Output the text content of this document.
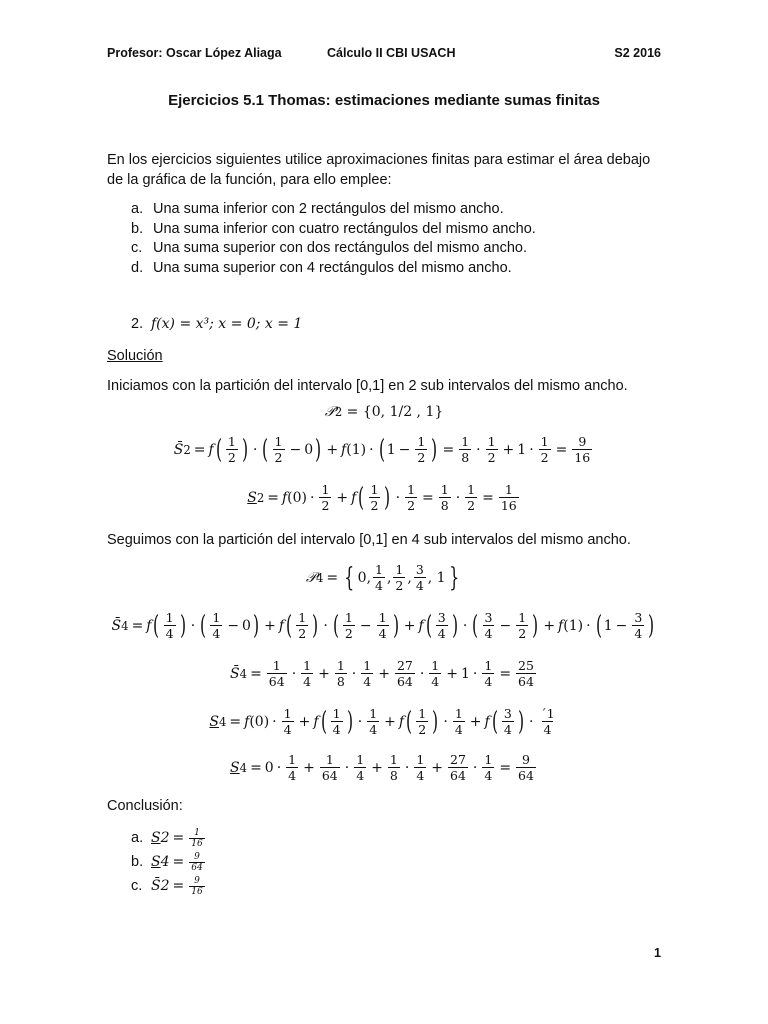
Profesor: Oscar López Aliaga	Cálculo II CBI USACH	S2 2016
Ejercicios 5.1 Thomas: estimaciones mediante sumas finitas
En los ejercicios siguientes utilice aproximaciones finitas para estimar el área debajo de la gráfica de la función, para ello emplee:
a. Una suma inferior con 2 rectángulos del mismo ancho.
b. Una suma inferior con cuatro rectángulos del mismo ancho.
c. Una suma superior con dos rectángulos del mismo ancho.
d. Una suma superior con 4 rectángulos del mismo ancho.
2. f(x) = x³; x = 0; x = 1
Solución
Iniciamos con la partición del intervalo [0,1] en 2 sub intervalos del mismo ancho.
𝒫 2 = {0, 1/2 , 1}
S̄ 2 = f ( $\frac{1}{2}$ ) · ( $\frac{1}{2} - 0$ ) + f (1) · ( $1 - \frac{1}{2}$ ) = $\frac{1}{8} \cdot \frac{1}{2} + 1 \cdot \frac{1}{2} = \frac{9}{16}$
S 2 = f $(0) \cdot \frac{1}{2} + f$ ( $\frac{1}{2}$ ) · $\frac{1}{2} = \frac{1}{8} \cdot \frac{1}{2} = \frac{1}{16}$
Seguimos con la partición del intervalo [0,1] en 4 sub intervalos del mismo ancho.
𝒫 4 = { 0, $\frac{1}{4}$ , $\frac{1}{2}$ , $\frac{3}{4}$ , 1 }
S̄ 4 = f ( $\frac{1}{4}$ ) · ( $\frac{1}{4} - 0$ ) + f ( $\frac{1}{2}$ ) · ( $\frac{1}{2} - \frac{1}{4}$ ) + f ( $\frac{3}{4}$ ) · ( $\frac{3}{4} - \frac{1}{2}$ ) + f (1) · ( $1 - \frac{3}{4}$ )
S̄ $4 = \frac{1}{64} \cdot \frac{1}{4} + \frac{1}{8} \cdot \frac{1}{4} + \frac{27}{64} \cdot \frac{1}{4} + 1 \cdot \frac{1}{4} = \frac{25}{64}$
S 4 = f $(0) \cdot \frac{1}{4} + f$ ( $\frac{1}{4}$ ) · $\frac{1}{4} + f$ ( $\frac{1}{2}$ ) · $\frac{1}{4} + f$ ( $\frac{3}{4}$ ) · $\frac{´1}{4}$
S $4 = 0 \cdot \frac{1}{4} + \frac{1}{64} \cdot \frac{1}{4} + \frac{1}{8} \cdot \frac{1}{4} + \frac{27}{64} \cdot \frac{1}{4} = \frac{9}{64}$
Conclusión:
a. S $2 = \frac{1}{16}$
b. S $4 = \frac{9}{64}$
c. S̄ $2 = \frac{9}{16}$
1
